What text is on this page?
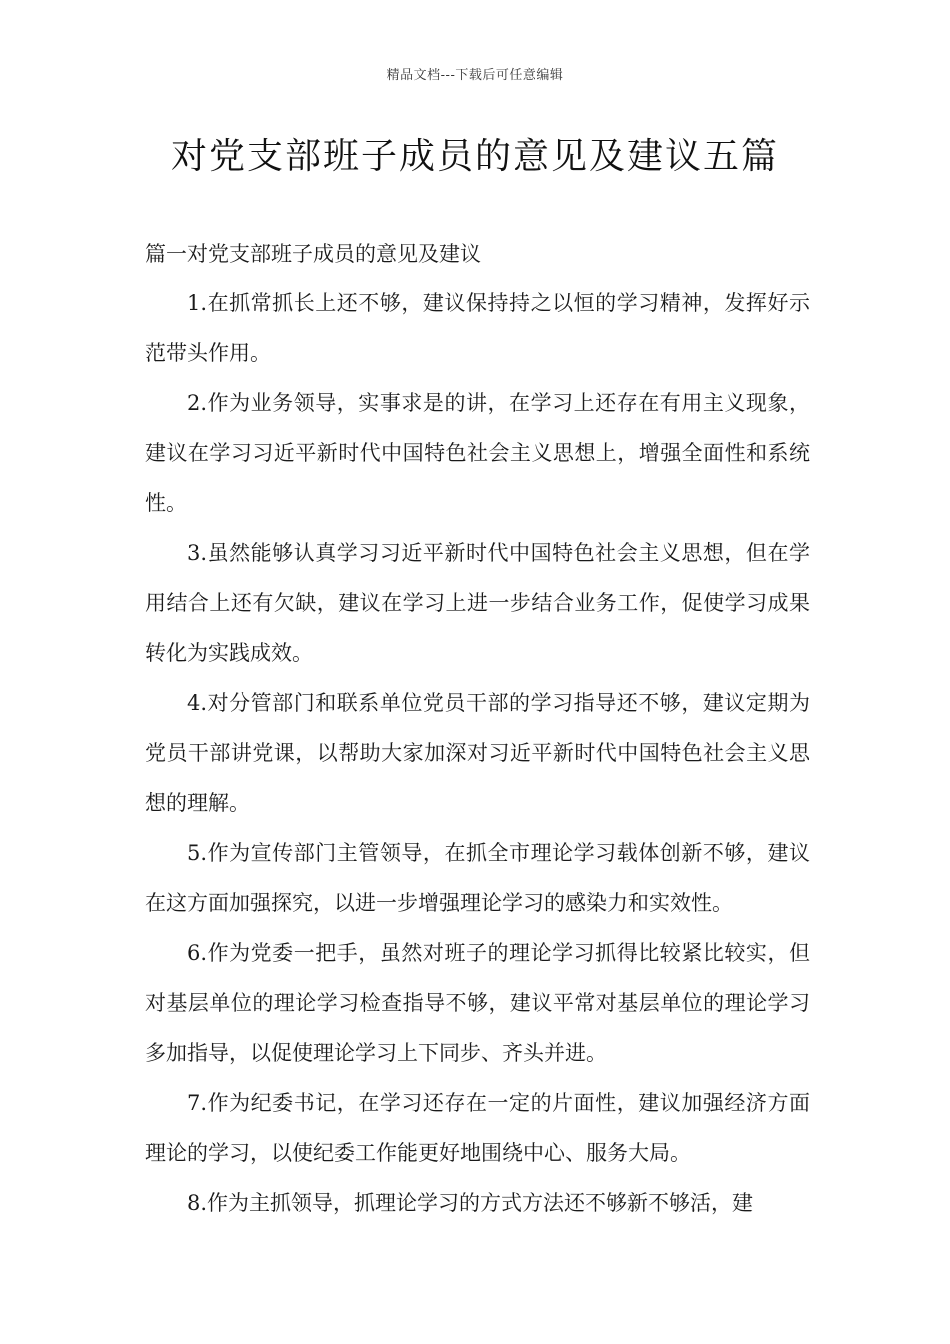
精品文档---下载后可任意编辑
对党支部班子成员的意见及建议五篇

篇一对党支部班子成员的意见及建议

1.在抓常抓长上还不够，建议保持持之以恒的学习精神，发挥好示范带头作用。

2.作为业务领导，实事求是的讲，在学习上还存在有用主义现象，建议在学习习近平新时代中国特色社会主义思想上，增强全面性和系统性。

3.虽然能够认真学习习近平新时代中国特色社会主义思想，但在学用结合上还有欠缺，建议在学习上进一步结合业务工作，促使学习成果转化为实践成效。

4.对分管部门和联系单位党员干部的学习指导还不够，建议定期为党员干部讲党课，以帮助大家加深对习近平新时代中国特色社会主义思想的理解。

5.作为宣传部门主管领导，在抓全市理论学习载体创新不够，建议在这方面加强探究，以进一步增强理论学习的感染力和实效性。

6.作为党委一把手，虽然对班子的理论学习抓得比较紧比较实，但对基层单位的理论学习检查指导不够，建议平常对基层单位的理论学习多加指导，以促使理论学习上下同步、齐头并进。

7.作为纪委书记，在学习还存在一定的片面性，建议加强经济方面理论的学习，以使纪委工作能更好地围绕中心、服务大局。

8.作为主抓领导，抓理论学习的方式方法还不够新不够活，建
